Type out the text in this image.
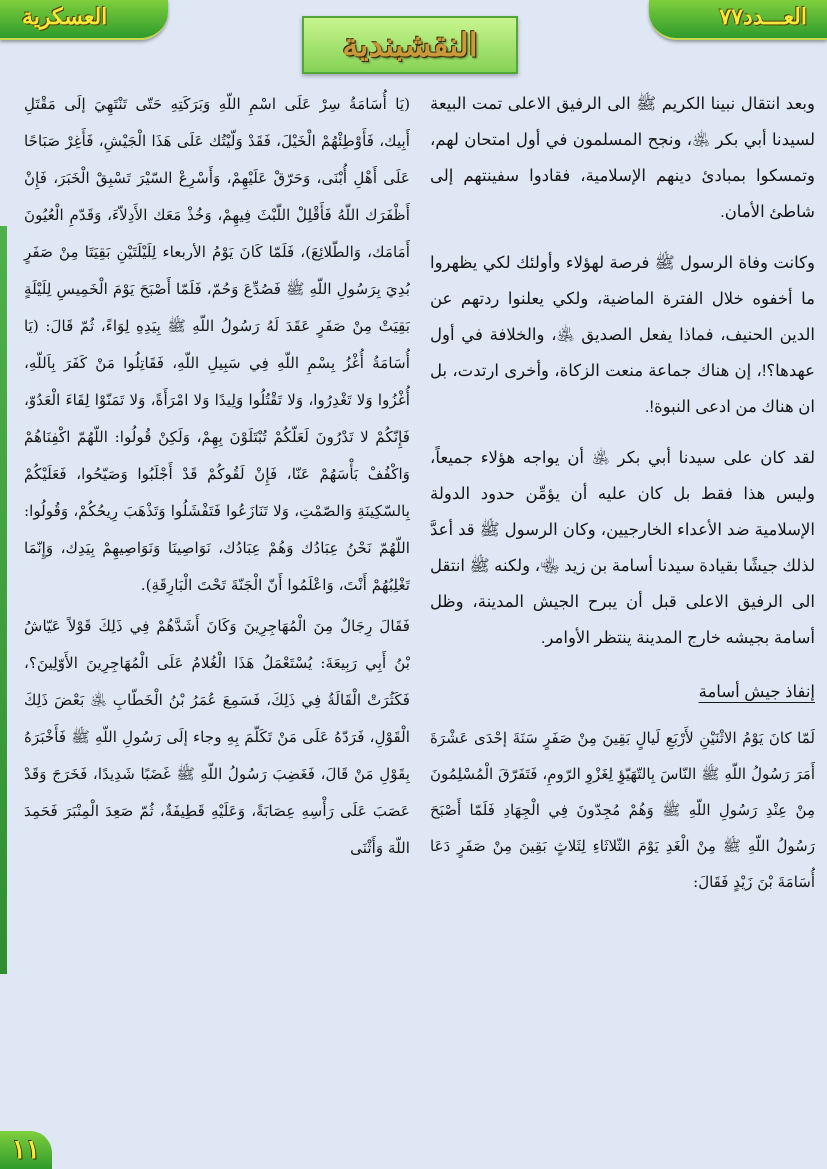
العسكرية
النقشبندية
العـــدد٧٧

وبعد انتقال نبينا الكريم ﷺ الى الرفيق الاعلى تمت البيعة لسيدنا أبي بكر ﵁، ونجح المسلمون في أول امتحان لهم، وتمسكوا بمبادئ دينهم الإسلامية، فقادوا سفينتهم إلى شاطئ الأمان.

وكانت وفاة الرسول ﷺ فرصة لهؤلاء وأولئك لكي يظهروا ما أخفوه خلال الفترة الماضية، ولكي يعلنوا ردتهم عن الدين الحنيف، فماذا يفعل الصديق ﵁، والخلافة في أول عهدها؟!، إن هناك جماعة منعت الزكاة، وأخرى ارتدت، بل ان هناك من ادعى النبوة!.

لقد كان على سيدنا أبي بكر ﵁ أن يواجه هؤلاء جميعاً، وليس هذا فقط بل كان عليه أن يؤمِّن حدود الدولة الإسلامية ضد الأعداء الخارجيين، وكان الرسول ﷺ قد أعدَّ لذلك جيشًا بقيادة سيدنا أسامة بن زيد ﵄، ولكنه ﷺ انتقل الى الرفيق الاعلى قبل أن يبرح الجيش المدينة، وظل أسامة بجيشه خارج المدينة ينتظر الأوامر.

إنفاذ جيش أسامة

لَمّا كانَ يَوْمُ الاثْنَيْنِ لأَرْبَعِ لَيالٍ بَقِينَ مِنْ صَفَرٍ سَنَةَ إحْدَى عَشْرَةَ أَمَرَ رَسُولُ اللّهِ ﷺ النّاسَ بِالتّهَيّؤِ لِغَزْوِ الرّومِ، فَتَفَرّقَ الْمُسْلِمُونَ مِنْ عِنْدِ رَسُولِ اللّهِ ﷺ وَهُمْ مُجِدّونَ فِي الْجِهَادِ فَلَمّا أَصْبَحَ رَسُولُ اللّهِ ﷺ مِنْ الْغَدِ يَوْمَ الثّلاثَاءِ لِثَلاثٍ بَقِينَ مِنْ صَفَرٍ دَعَا أُسَامَةَ بْنَ زَيْدٍ فَقَالَ:

(يَا أُسَامَةُ سِرْ عَلَى اسْمِ اللّهِ وَبَرَكَتِهِ حَتّى تَنْتَهِيَ إلَى مَقْتَلِ أَبِيك، فَأَوْطِئْهُمْ الْخَيْلَ، فَقَدْ وَلّيْتُك عَلَى هَذَا الْجَيْشِ، فَأَغِرْ صَبَاحًا عَلَى أَهْلِ أُبْنَى، وَحَرّقْ عَلَيْهِمْ، وَأَسْرِعْ السّيْرَ تَسْبِقْ الْخَبَرَ، فَإِنْ أَظْفَرَك اللّهُ فَأَقْلِلْ اللّبْثَ فِيهِمْ، وَخُذْ مَعَك الأَدِلاّءَ، وَقَدّمِ الْعُيُونَ أَمَامَك، وَالطّلائِعَ)، فَلَمّا كَانَ يَوْمُ الأربعاء لِلَيْلَتَيْنِ بَقِيَتَا مِنْ صَفَرٍ بُدِيَ بِرَسُولِ اللّهِ ﷺ فَصُدِّعَ وَحُمّ، فَلَمّا أَصْبَحَ يَوْمَ الْخَمِيسِ لِلَيْلَةٍ بَقِيَتْ مِنْ صَفَرٍ عَقَدَ لَهُ رَسُولُ اللّهِ ﷺ بِيَدِهِ لِوَاءً، ثُمّ قَالَ: (يَا أُسَامَةُ أُغْزُ بِسْمِ اللّهِ فِي سَبِيلِ اللّهِ، فَقَاتِلُوا مَنْ كَفَرَ بِاَللّهِ، أُغْزُوا وَلا تَغْدِرُوا، وَلا تَقْتُلُوا وَلِيدًا وَلا امْرَأَةً، وَلا تَمَنّوْا لِقَاءَ الْعَدُوّ، فَإِنّكُمْ لا تَدْرُونَ لَعَلّكُمْ تُبْتَلَوْنَ بِهِمْ، وَلَكِنْ قُولُوا: اللّهُمّ اكْفِنَاهُمْ وَاكْفُفْ بَأْسَهُمْ عَنّا، فَإِنْ لَقُوكُمْ قَدْ أَجْلَبُوا وَصَيّحُوا، فَعَلَيْكُمْ بِالسّكِينَةِ وَالصّمْتِ، وَلا تَنَازَعُوا فَتَفْشَلُوا وَتَذْهَبَ رِيحُكُمْ، وَقُولُوا: اللّهُمّ نَحْنُ عِبَادُك وَهُمْ عِبَادُك، نَوَاصِينَا وَنَوَاصِيهِمْ بِيَدِك، وَإِنّمَا تَغْلِبُهُمْ أَنْتَ، وَاعْلَمُوا أَنّ الْجَنّةَ تَحْتَ الْبَارِقَةِ).

فَقَالَ رِجَالٌ مِنَ الْمُهَاجِرِينَ وَكَانَ أَشَدَّهُمْ فِي ذَلِكَ قَوْلاً عَيّاشُ بْنُ أَبِي رَبِيعَةَ: يُسْتَعْمَلُ هَذَا الْغُلامُ عَلَى الْمُهَاجِرِينَ الأَوّلِينَ؟، فَكَثُرَتْ الْقَالَةُ فِي ذَلِكَ، فَسَمِعَ عُمَرُ بْنُ الْخَطّابِ ﵁ بَعْضَ ذَلِكَ الْقَوْلِ، فَرَدّهُ عَلَى مَنْ تَكَلّمَ بِهِ وجاء إلَى رَسُولِ اللّهِ ﷺ فَأَخْبَرَهُ بِقَوْلِ مَنْ قَالَ، فَغَضِبَ رَسُولُ اللّهِ ﷺ غَضَبًا شَدِيدًا، فَخَرَجَ وَقَدْ عَصَبَ عَلَى رَأْسِهِ عِصَابَةً، وَعَلَيْهِ قَطِيفَةٌ، ثُمّ صَعِدَ الْمِنْبَرَ فَحَمِدَ اللّهَ وَأَثْنَى

١١
